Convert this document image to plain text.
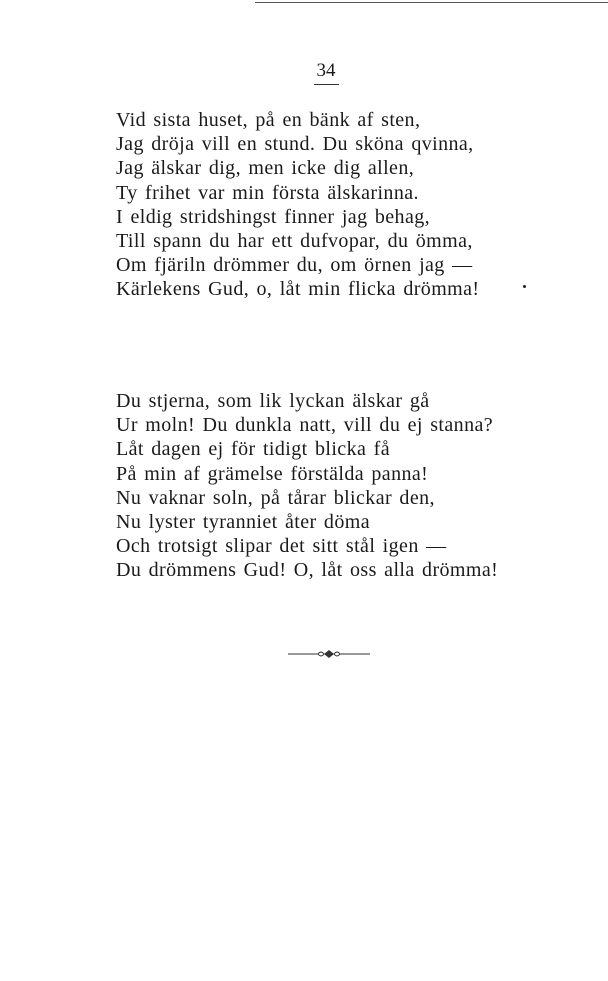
34
Vid sista huset, på en bänk af sten,
Jag dröja vill en stund. Du sköna qvinna,
Jag älskar dig, men icke dig allen,
Ty frihet var min första älskarinna.
I eldig stridshingst finner jag behag,
Till spann du har ett dufvopar, du ömma,
Om fjäriln drömmer du, om örnen jag —
Kärlekens Gud, o, låt min flicka drömma!
Du stjerna, som lik lyckan älskar gå
Ur moln! Du dunkla natt, vill du ej stanna?
Låt dagen ej för tidigt blicka få
På min af grämelse förstälda panna!
Nu vaknar soln, på tårar blickar den,
Nu lyster tyranniet åter döma
Och trotsigt slipar det sitt stål igen —
Du drömmens Gud! O, låt oss alla drömma!
